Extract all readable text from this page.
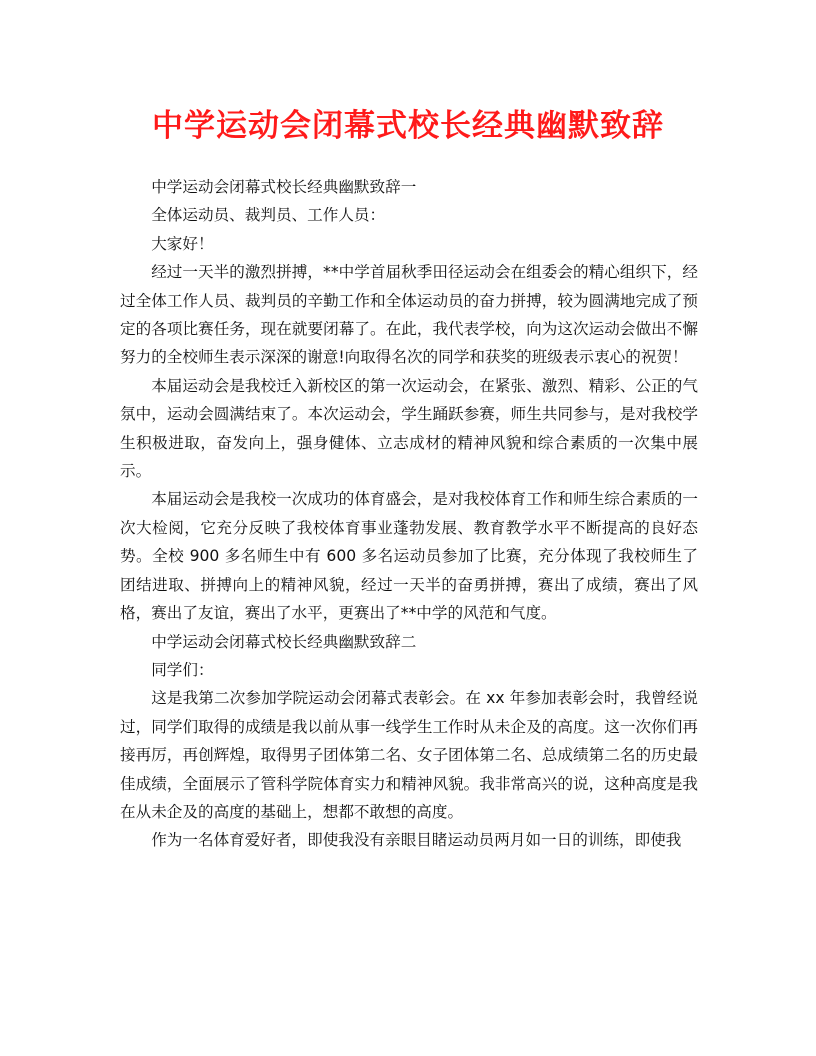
中学运动会闭幕式校长经典幽默致辞

中学运动会闭幕式校长经典幽默致辞一

全体运动员、裁判员、工作人员：

大家好！

经过一天半的激烈拼搏，**中学首届秋季田径运动会在组委会的精心组织下，经过全体工作人员、裁判员的辛勤工作和全体运动员的奋力拼搏，较为圆满地完成了预定的各项比赛任务，现在就要闭幕了。在此，我代表学校，向为这次运动会做出不懈努力的全校师生表示深深的谢意!向取得名次的同学和获奖的班级表示衷心的祝贺！

本届运动会是我校迁入新校区的第一次运动会，在紧张、激烈、精彩、公正的气氛中，运动会圆满结束了。本次运动会，学生踊跃参赛，师生共同参与，是对我校学生积极进取，奋发向上，强身健体、立志成材的精神风貌和综合素质的一次集中展示。

本届运动会是我校一次成功的体育盛会，是对我校体育工作和师生综合素质的一次大检阅，它充分反映了我校体育事业蓬勃发展、教育教学水平不断提高的良好态势。全校 900 多名师生中有 600 多名运动员参加了比赛，充分体现了我校师生了团结进取、拼搏向上的精神风貌，经过一天半的奋勇拼搏，赛出了成绩，赛出了风格，赛出了友谊，赛出了水平，更赛出了**中学的风范和气度。

中学运动会闭幕式校长经典幽默致辞二

同学们：

这是我第二次参加学院运动会闭幕式表彰会。在 xx 年参加表彰会时，我曾经说过，同学们取得的成绩是我以前从事一线学生工作时从未企及的高度。这一次你们再接再厉，再创辉煌，取得男子团体第二名、女子团体第二名、总成绩第二名的历史最佳成绩，全面展示了管科学院体育实力和精神风貌。我非常高兴的说，这种高度是我在从未企及的高度的基础上，想都不敢想的高度。

作为一名体育爱好者，即使我没有亲眼目睹运动员两月如一日的训练，即使我
